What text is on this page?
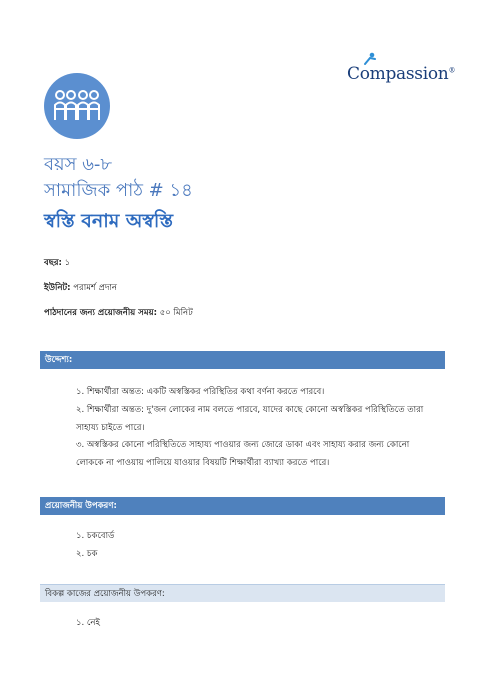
Compassion®
বয়স ৬-৮
সামাজিক পাঠ # ১৪
স্বস্তি বনাম অস্বস্তি
বছর: ১
ইউনিট: পরামর্শ প্রদান
পাঠদানের জন্য প্রয়োজনীয় সময়: ৫০ মিনিট
উদ্দেশ্য:
১. শিক্ষার্থীরা অন্তত: একটি অস্বস্তিকর পরিস্থিতির কথা বর্ণনা করতে পারবে।
২. শিক্ষার্থীরা অন্তত: দু'জন লোকের নাম বলতে পারবে, যাদের কাছে কোনো অস্বস্তিকর পরিস্থিতিতে তারা সাহায্য চাইতে পারে।
৩. অস্বস্তিকর কোনো পরিস্থিতিতে সাহায্য পাওয়ার জন্য জোরে ডাকা এবং সাহায্য করার জন্য কোনো লোককে না পাওয়ায় পালিয়ে যাওয়ার বিষয়টি শিক্ষার্থীরা ব্যাখ্যা করতে পারে।
প্রয়োজনীয় উপকরণ:
১. চকবোর্ড
২. চক
বিকল্প কাজের প্রয়োজনীয় উপকরণ:
১. নেই
